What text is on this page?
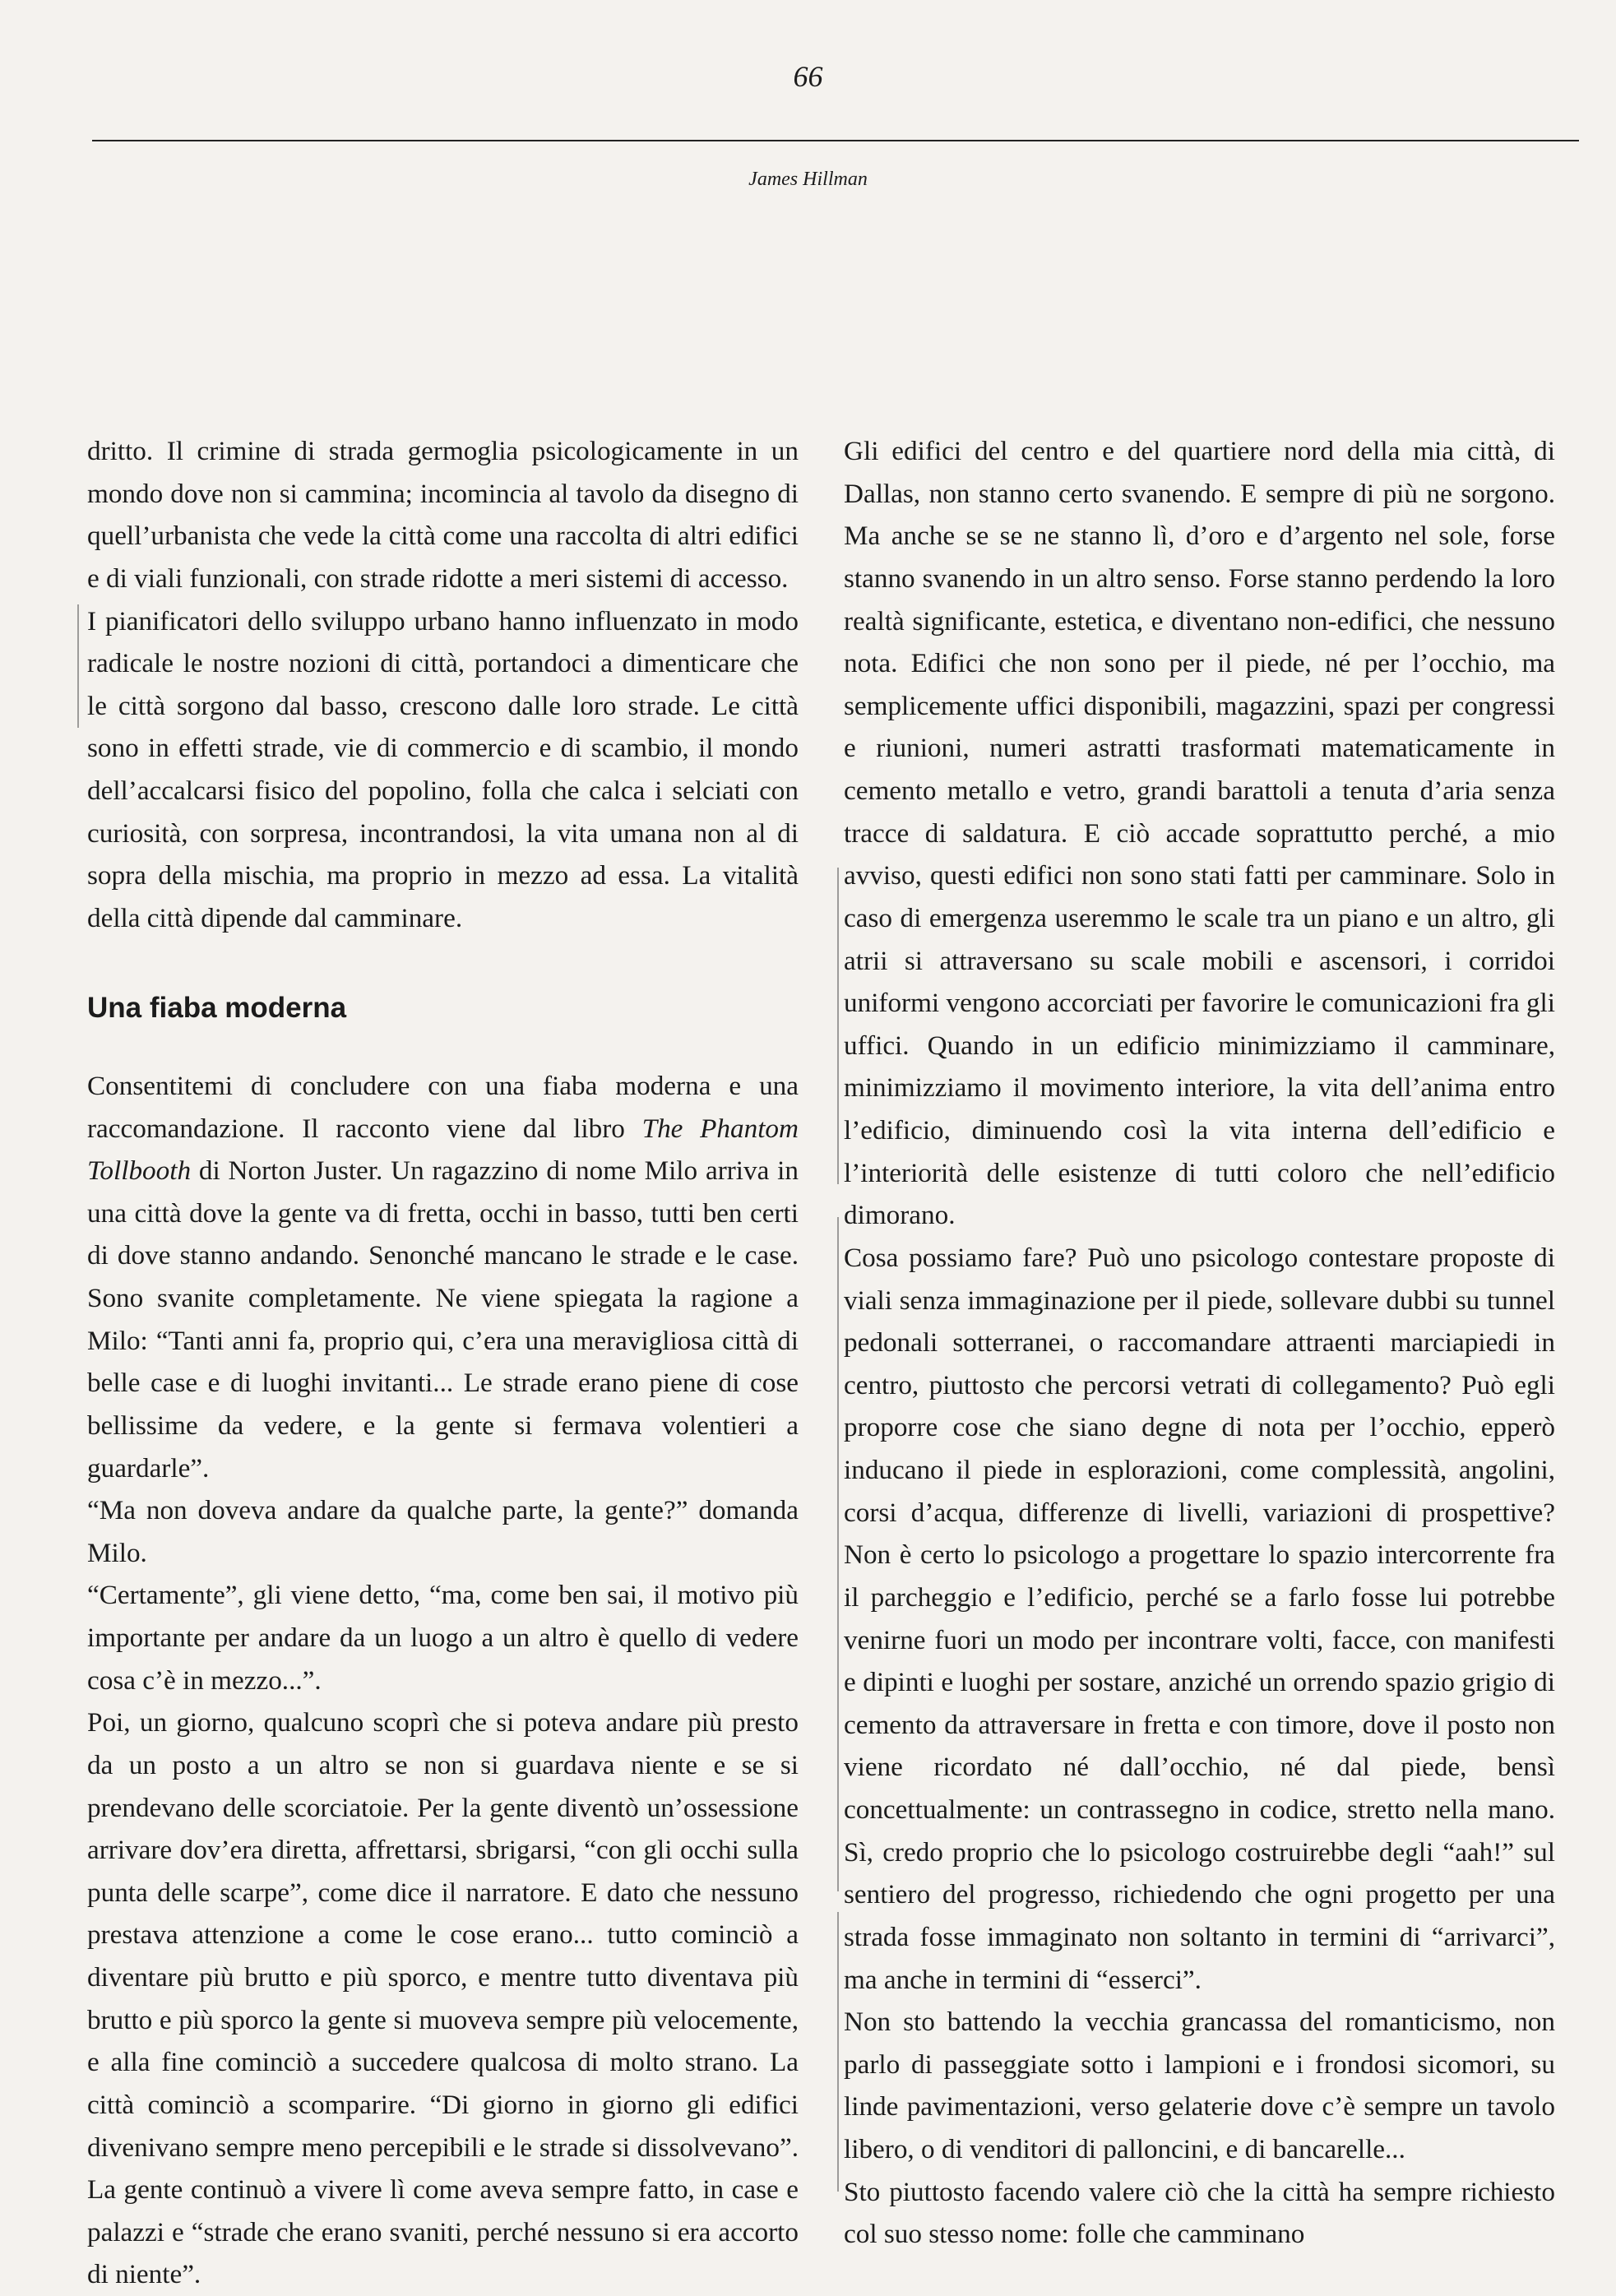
66
James Hillman

dritto. Il crimine di strada germoglia psicologicamente in un mondo dove non si cammina; incomincia al tavolo da disegno di quell’urbanista che vede la città come una raccolta di altri edifici e di viali funzionali, con strade ridotte a meri sistemi di accesso.

I pianificatori dello sviluppo urbano hanno influenzato in modo radicale le nostre nozioni di città, portandoci a dimenticare che le città sorgono dal basso, crescono dalle loro strade. Le città sono in effetti strade, vie di commercio e di scambio, il mondo dell’accalcarsi fisico del popolino, folla che calca i selciati con curiosità, con sorpresa, incontrandosi, la vita umana non al di sopra della mischia, ma proprio in mezzo ad essa. La vitalità della città dipende dal camminare.

Una fiaba moderna

Consentitemi di concludere con una fiaba moderna e una raccomandazione. Il racconto viene dal libro The Phantom Tollbooth di Norton Juster. Un ragazzino di nome Milo arriva in una città dove la gente va di fretta, occhi in basso, tutti ben certi di dove stanno andando. Senonché mancano le strade e le case. Sono svanite completamente. Ne viene spiegata la ragione a Milo: “Tanti anni fa, proprio qui, c’era una meravigliosa città di belle case e di luoghi invitanti... Le strade erano piene di cose bellissime da vedere, e la gente si fermava volentieri a guardarle”.

“Ma non doveva andare da qualche parte, la gente?” domanda Milo.

“Certamente”, gli viene detto, “ma, come ben sai, il motivo più importante per andare da un luogo a un altro è quello di vedere cosa c’è in mezzo...”.

Poi, un giorno, qualcuno scoprì che si poteva andare più presto da un posto a un altro se non si guardava niente e se si prendevano delle scorciatoie. Per la gente diventò un’ossessione arrivare dov’era diretta, affrettarsi, sbrigarsi, “con gli occhi sulla punta delle scarpe”, come dice il narratore. E dato che nessuno prestava attenzione a come le cose erano... tutto cominciò a diventare più brutto e più sporco, e mentre tutto diventava più brutto e più sporco la gente si muoveva sempre più velocemente, e alla fine cominciò a succedere qualcosa di molto strano. La città cominciò a scomparire. “Di giorno in giorno gli edifici divenivano sempre meno percepibili e le strade si dissolvevano”. La gente continuò a vivere lì come aveva sempre fatto, in case e palazzi e “strade che erano svaniti, perché nessuno si era accorto di niente”.

Gli edifici del centro e del quartiere nord della mia città, di Dallas, non stanno certo svanendo. E sempre di più ne sorgono. Ma anche se se ne stanno lì, d’oro e d’argento nel sole, forse stanno svanendo in un altro senso. Forse stanno perdendo la loro realtà significante, estetica, e diventano non-edifici, che nessuno nota. Edifici che non sono per il piede, né per l’occhio, ma semplicemente uffici disponibili, magazzini, spazi per congressi e riunioni, numeri astratti trasformati matematicamente in cemento metallo e vetro, grandi barattoli a tenuta d’aria senza tracce di saldatura. E ciò accade soprattutto perché, a mio avviso, questi edifici non sono stati fatti per camminare. Solo in caso di emergenza useremmo le scale tra un piano e un altro, gli atrii si attraversano su scale mobili e ascensori, i corridoi uniformi vengono accorciati per favorire le comunicazioni fra gli uffici. Quando in un edificio minimizziamo il camminare, minimizziamo il movimento interiore, la vita dell’anima entro l’edificio, diminuendo così la vita interna dell’edificio e l’interiorità delle esistenze di tutti coloro che nell’edificio dimorano.

Cosa possiamo fare? Può uno psicologo contestare proposte di viali senza immaginazione per il piede, sollevare dubbi su tunnel pedonali sotterranei, o raccomandare attraenti marciapiedi in centro, piuttosto che percorsi vetrati di collegamento? Può egli proporre cose che siano degne di nota per l’occhio, epperò inducano il piede in esplorazioni, come complessità, angolini, corsi d’acqua, differenze di livelli, variazioni di prospettive? Non è certo lo psicologo a progettare lo spazio intercorrente fra il parcheggio e l’edificio, perché se a farlo fosse lui potrebbe venirne fuori un modo per incontrare volti, facce, con manifesti e dipinti e luoghi per sostare, anziché un orrendo spazio grigio di cemento da attraversare in fretta e con timore, dove il posto non viene ricordato né dall’occhio, né dal piede, bensì concettualmente: un contrassegno in codice, stretto nella mano. Sì, credo proprio che lo psicologo costruirebbe degli “aah!” sul sentiero del progresso, richiedendo che ogni progetto per una strada fosse immaginato non soltanto in termini di “arrivarci”, ma anche in termini di “esserci”.

Non sto battendo la vecchia grancassa del romanticismo, non parlo di passeggiate sotto i lampioni e i frondosi sicomori, su linde pavimentazioni, verso gelaterie dove c’è sempre un tavolo libero, o di venditori di palloncini, e di bancarelle...

Sto piuttosto facendo valere ciò che la città ha sempre richiesto col suo stesso nome: folle che camminano
